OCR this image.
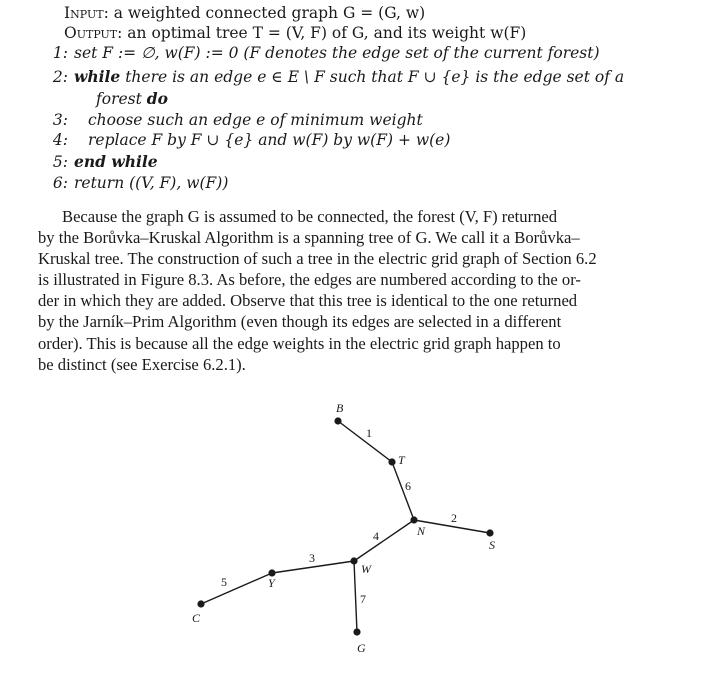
Input: a weighted connected graph G = (G, w)
Output: an optimal tree T = (V, F) of G, and its weight w(F)
1: set F := ∅, w(F) := 0 (F denotes the edge set of the current forest)
2: while there is an edge e ∈ E \ F such that F ∪ {e} is the edge set of a
forest do
3: choose such an edge e of minimum weight
4: replace F by F ∪ {e} and w(F) by w(F) + w(e)
5: end while
6: return ((V, F), w(F))
Because the graph G is assumed to be connected, the forest (V, F) returned
by the Borůvka–Kruskal Algorithm is a spanning tree of G. We call it a Borůvka–
Kruskal tree. The construction of such a tree in the electric grid graph of Section 6.2
is illustrated in Figure 8.3. As before, the edges are numbered according to the or-
der in which they are added. Observe that this tree is identical to the one returned
by the Jarník–Prim Algorithm (even though its edges are selected in a different
order). This is because all the edge weights in the electric grid graph happen to
be distinct (see Exercise 6.2.1).
B
T
N
S
W
Y
C
G
1
2
3
4
5
6
7
